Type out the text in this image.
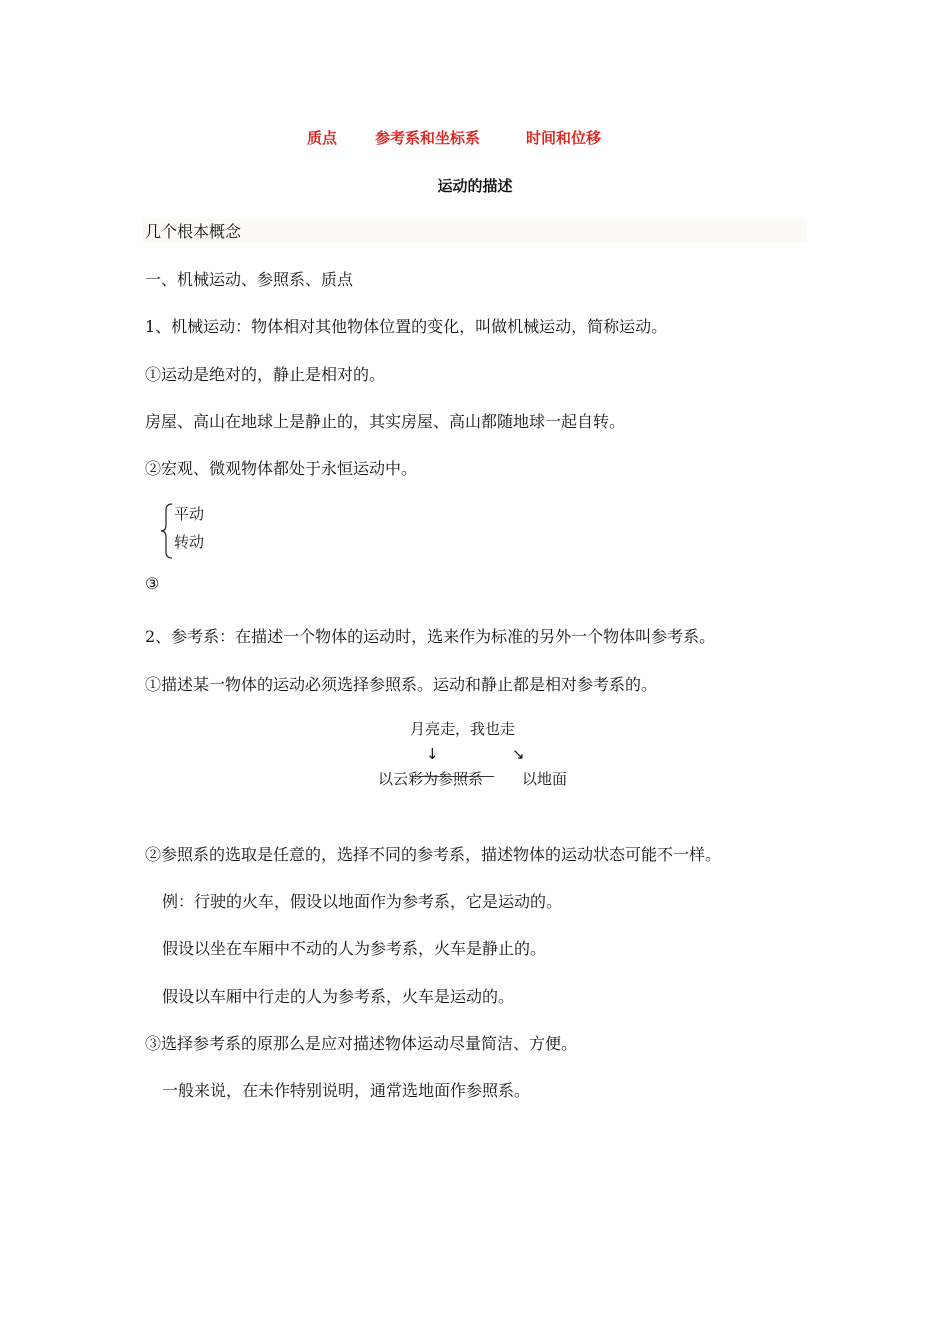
质点	参考系和坐标系	时间和位移
运动的描述
几个根本概念
一、机械运动、参照系、质点
1、机械运动：物体相对其他物体位置的变化，叫做机械运动，简称运动。
①运动是绝对的，静止是相对的。
房屋、高山在地球上是静止的，其实房屋、高山都随地球一起自转。
②宏观、微观物体都处于永恒运动中。
平动
转动
③
2、参考系：在描述一个物体的运动时，选来作为标准的另外一个物体叫参考系。
①描述某一物体的运动必须选择参照系。运动和静止都是相对参考系的。
月亮走，我也走
↓	↘
以云彩为参照系	以地面
②参照系的选取是任意的，选择不同的参考系，描述物体的运动状态可能不一样。
例：行驶的火车，假设以地面作为参考系，它是运动的。
假设以坐在车厢中不动的人为参考系，火车是静止的。
假设以车厢中行走的人为参考系，火车是运动的。
③选择参考系的原那么是应对描述物体运动尽量简洁、方便。
一般来说，在未作特别说明，通常选地面作参照系。
